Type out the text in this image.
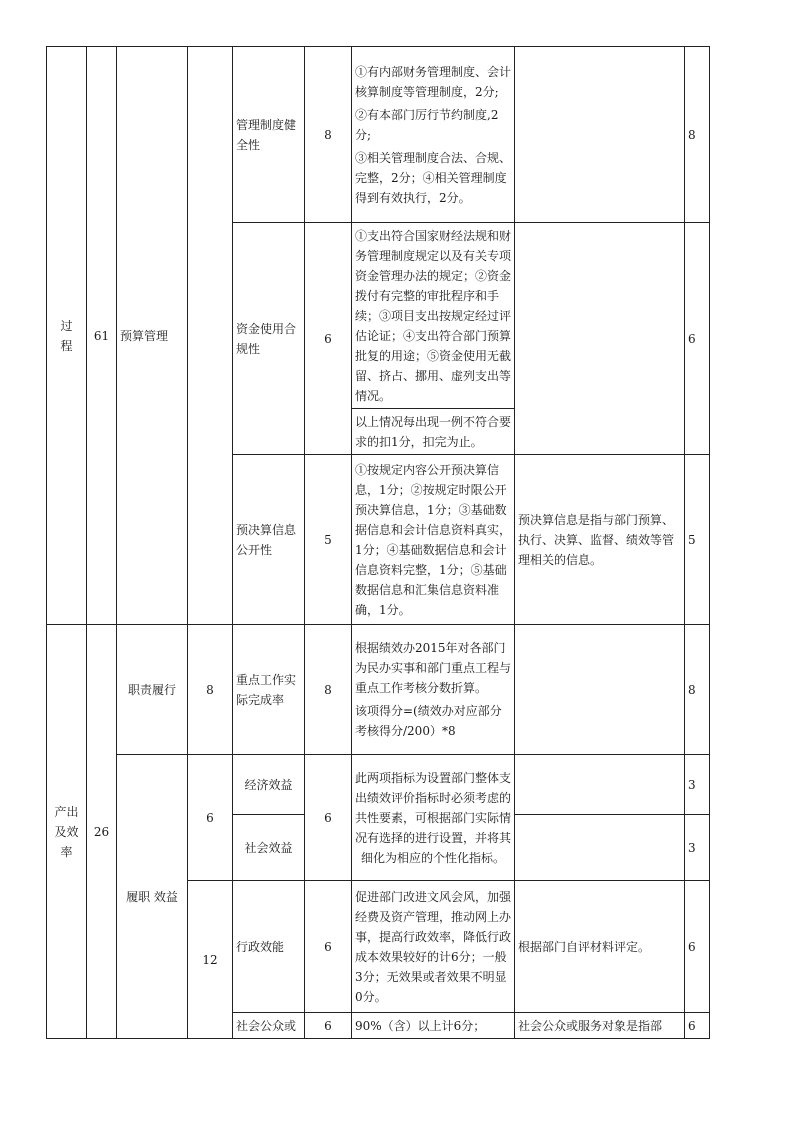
过
程	61	预算管理		管理制度健全性	8	①有内部财务管理制度、会计核算制度等管理制度，2分;
②有本部门厉行节约制度,2分;
③相关管理制度合法、合规、完整，2分；④相关管理制度得到有效执行，2分。		8
				资金使用合规性	6	①支出符合国家财经法规和财务管理制度规定以及有关专项资金管理办法的规定；②资金拨付有完整的审批程序和手续；③项目支出按规定经过评估论证；④支出符合部门预算批复的用途；⑤资金使用无截留、挤占、挪用、虚列支出等情况。		6
						以上情况每出现一例不符合要求的扣1分，扣完为止。		
				预决算信息公开性	5	①按规定内容公开预决算信息，1分；②按规定时限公开预决算信息，1分；③基础数据信息和会计信息资料真实，1分；④基础数据信息和会计信息资料完整，1分；⑤基础数据信息和汇集信息资料准确，1分。	预决算信息是指与部门预算、执行、决算、监督、绩效等管理相关的信息。	5
产出
及效
率	26	职责履行	8	重点工作实际完成率	8	根据绩效办2015年对各部门为民办实事和部门重点工程与重点工作考核分数折算。
该项得分=(绩效办对应部分考核得分/200）*8		8
		履职 效益	6	经济效益	6	此两项指标为设置部门整体支出绩效评价指标时必须考虑的共性要素，可根据部门实际情况有选择的进行设置，并将其细化为相应的个性化指标。		3
				社会效益				3
			12	行政效能	6	促进部门改进文风会风，加强经费及资产管理，推动网上办事，提高行政效率，降低行政成本效果较好的计6分；一般3分；无效果或者效果不明显0分。	根据部门自评材料评定。	6
				社会公众或	6	90%（含）以上计6分；	社会公众或服务对象是指部	6
